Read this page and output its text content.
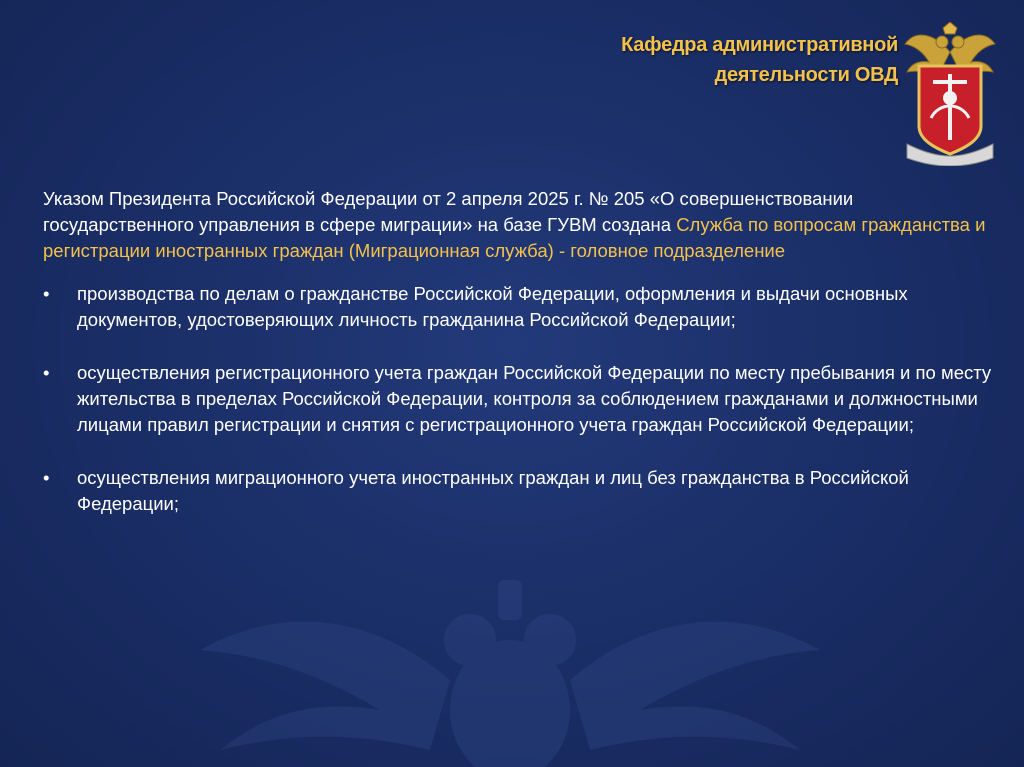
Кафедра административной
деятельности ОВД

Указом Президента Российской Федерации от 2 апреля 2025 г. № 205 «О совершенствовании государственного управления в сфере миграции» на базе ГУВМ создана Служба по вопросам гражданства и регистрации иностранных граждан (Миграционная служба) - головное подразделение

• производства по делам о гражданстве Российской Федерации, оформления и выдачи основных документов, удостоверяющих личность гражданина Российской Федерации;
• осуществления регистрационного учета граждан Российской Федерации по месту пребывания и по месту жительства в пределах Российской Федерации, контроля за соблюдением гражданами и должностными лицами правил регистрации и снятия с регистрационного учета граждан Российской Федерации;
• осуществления миграционного учета иностранных граждан и лиц без гражданства в Российской Федерации;
